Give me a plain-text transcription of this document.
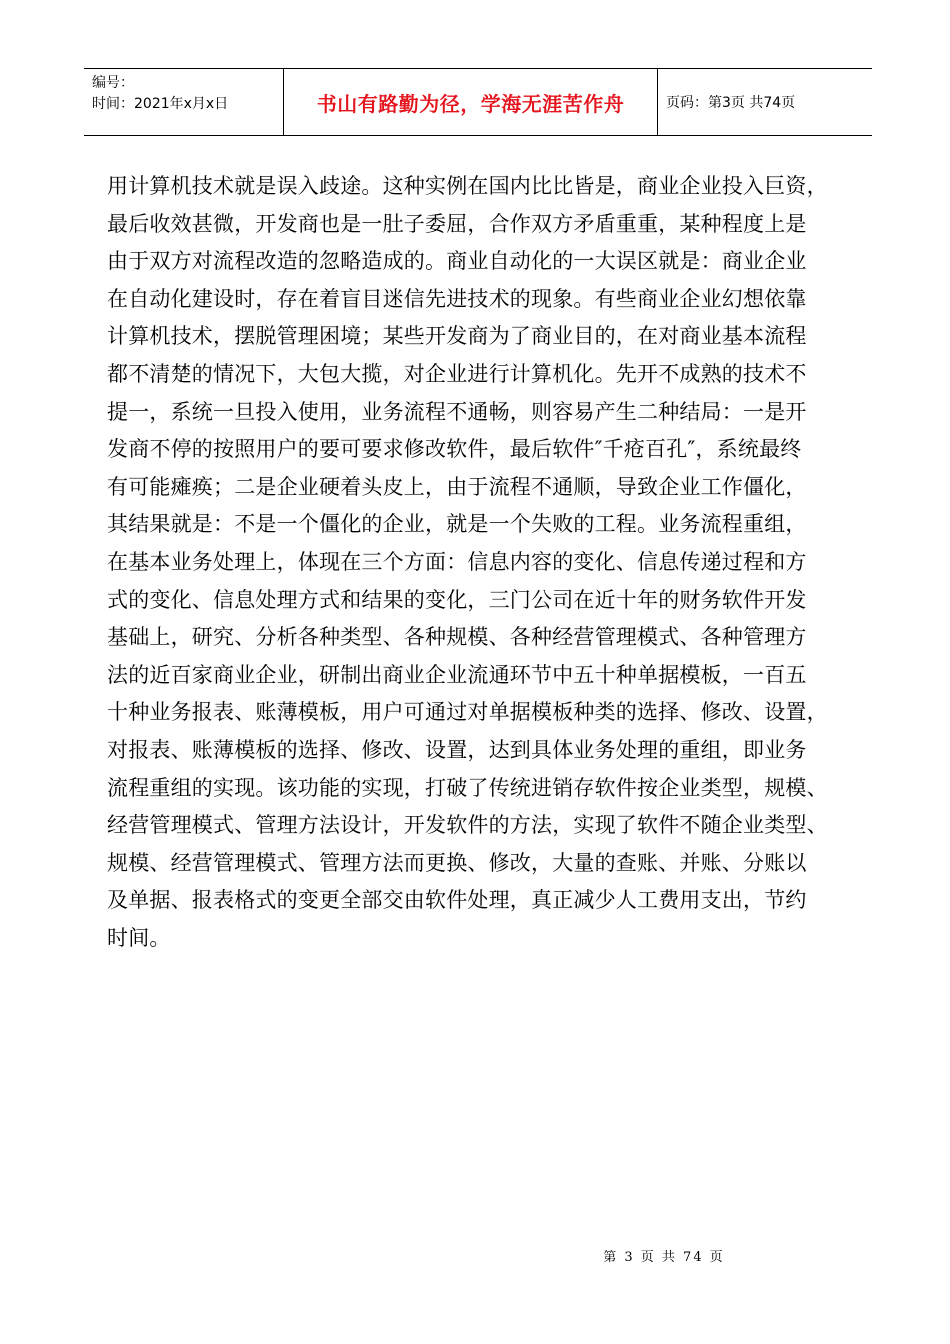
编号：
时间：2021年x月x日	书山有路勤为径，学海无涯苦作舟	页码：第3页 共74页
用计算机技术就是误入歧途。这种实例在国内比比皆是，商业企业投入巨资，
最后收效甚微，开发商也是一肚子委屈，合作双方矛盾重重，某种程度上是
由于双方对流程改造的忽略造成的。商业自动化的一大误区就是：商业企业
在自动化建设时，存在着盲目迷信先进技术的现象。有些商业企业幻想依靠
计算机技术，摆脱管理困境；某些开发商为了商业目的，在对商业基本流程
都不清楚的情况下，大包大揽，对企业进行计算机化。先开不成熟的技术不
提一，系统一旦投入使用，业务流程不通畅，则容易产生二种结局：一是开
发商不停的按照用户的要可要求修改软件，最后软件″千疮百孔″，系统最终
有可能瘫痪；二是企业硬着头皮上，由于流程不通顺，导致企业工作僵化，
其结果就是：不是一个僵化的企业，就是一个失败的工程。业务流程重组，
在基本业务处理上，体现在三个方面：信息内容的变化、信息传递过程和方
式的变化、信息处理方式和结果的变化，三门公司在近十年的财务软件开发
基础上，研究、分析各种类型、各种规模、各种经营管理模式、各种管理方
法的近百家商业企业，研制出商业企业流通环节中五十种单据模板，一百五
十种业务报表、账薄模板，用户可通过对单据模板种类的选择、修改、设置，
对报表、账薄模板的选择、修改、设置，达到具体业务处理的重组，即业务
流程重组的实现。该功能的实现，打破了传统进销存软件按企业类型，规模、
经营管理模式、管理方法设计，开发软件的方法，实现了软件不随企业类型、
规模、经营管理模式、管理方法而更换、修改，大量的查账、并账、分账以
及单据、报表格式的变更全部交由软件处理，真正减少人工费用支出，节约
时间。
第 3 页 共 74 页
